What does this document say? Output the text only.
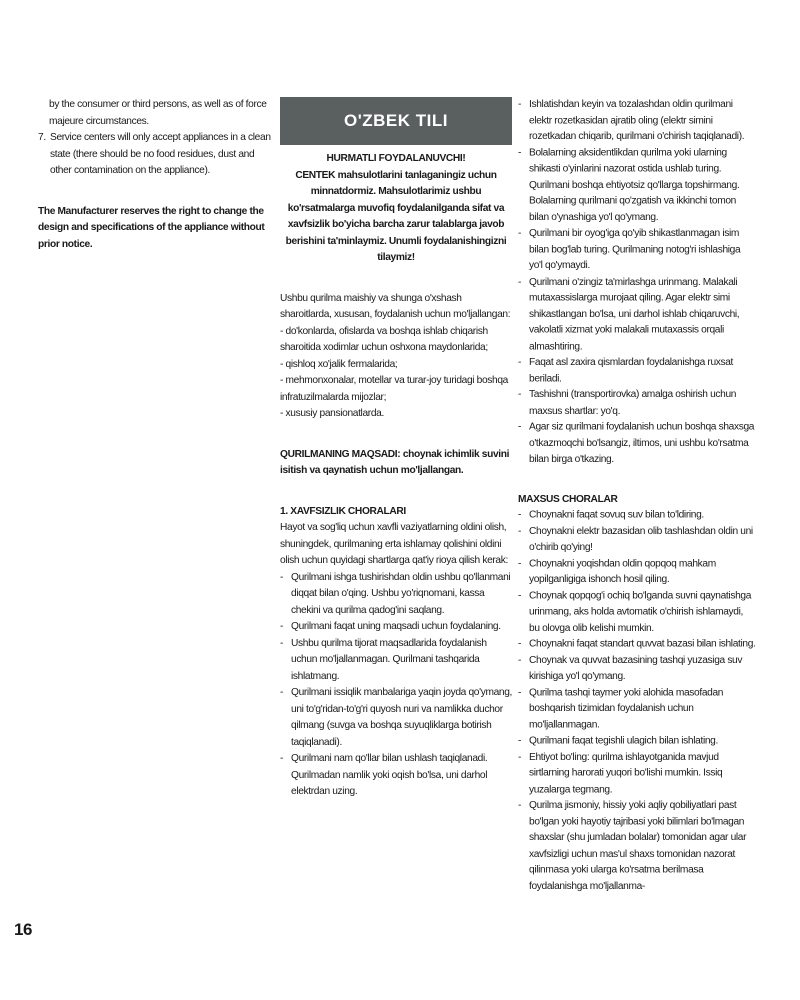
by the consumer or third persons, as well as of force majeure circumstances.

7. Service centers will only accept appliances in a clean state (there should be no food residues, dust and other contamination on the appliance).

The Manufacturer reserves the right to change the design and specifications of the appliance without prior notice.

O'ZBEK TILI

HURMATLI FOYDALANUVCHI!

CENTEK mahsulotlarini tanlaganingiz uchun minnatdormiz. Mahsulotlarimiz ushbu ko'rsatmalarga muvofiq foydalanilganda sifat va xavfsizlik bo'yicha barcha zarur talablarga javob berishini ta'minlaymiz. Unumli foydalanishingizni tilaymiz!

Ushbu qurilma maishiy va shunga o'xshash sharoitlarda, xususan, foydalanish uchun mo'ljallangan:

- do'konlarda, ofislarda va boshqa ishlab chiqarish sharoitida xodimlar uchun oshxona maydonlarida;

- qishloq xo'jalik fermalarida;

- mehmonxonalar, motellar va turar-joy turidagi boshqa infratuzilmalarda mijozlar;

- xususiy pansionatlarda.

QURILMANING MAQSADI: choynak ichimlik suvini isitish va qaynatish uchun mo'ljallangan.

1. XAVFSIZLIK CHORALARI

Hayot va sog'liq uchun xavfli vaziyatlarning oldini olish, shuningdek, qurilmaning erta ishlamay qolishini oldini olish uchun quyidagi shartlarga qat'iy rioya qilish kerak:

- Qurilmani ishga tushirishdan oldin ushbu qo'llanmani diqqat bilan o'qing. Ushbu yo'riqnomani, kassa chekini va qurilma qadog'ini saqlang.

- Qurilmani faqat uning maqsadi uchun foydalaning.

- Ushbu qurilma tijorat maqsadlarida foydalanish uchun mo'ljallanmagan. Qurilmani tashqarida ishlatmang.

- Qurilmani issiqlik manbalariga yaqin joyda qo'ymang, uni to'g'ridan-to'g'ri quyosh nuri va namlikka duchor qilmang (suvga va boshqa suyuqliklarga botirish taqiqlanadi).

- Qurilmani nam qo'llar bilan ushlash taqiqlanadi. Qurilmadan namlik yoki oqish bo'lsa, uni darhol elektrdan uzing.

- Ishlatishdan keyin va tozalashdan oldin qurilmani elektr rozetkasidan ajratib oling (elektr simini rozetkadan chiqarib, qurilmani o'chirish taqiqlanadi).

- Bolalarning aksidentlikdan qurilma yoki ularning shikasti o'yinlarini nazorat ostida ushlab turing. Qurilmani boshqa ehtiyotsiz qo'llarga topshirmang. Bolalarning qurilmani qo'zgatish va ikkinchi tomon bilan o'ynashiga yo'l qo'ymang.

- Qurilmani bir oyog'iga qo'yib shikastlanmagan isim bilan bog'lab turing. Qurilmaning notog'ri ishlashiga yo'l qo'ymaydi.

- Qurilmani o'zingiz ta'mirlashga urinmang. Malakali mutaxassislarga murojaat qiling. Agar elektr simi shikastlangan bo'lsa, uni darhol ishlab chiqaruvchi, vakolatli xizmat yoki malakali mutaxassis orqali almashtiring.

- Faqat asl zaxira qismlardan foydalanishga ruxsat beriladi.

- Tashishni (transportirovka) amalga oshirish uchun maxsus shartlar: yo'q.

- Agar siz qurilmani foydalanish uchun boshqa shaxsga o'tkazmoqchi bo'lsangiz, iltimos, uni ushbu ko'rsatma bilan birga o'tkazing.

MAXSUS CHORALAR

- Choynakni faqat sovuq suv bilan to'ldiring.

- Choynakni elektr bazasidan olib tashlashdan oldin uni o'chirib qo'ying!

- Choynakni yoqishdan oldin qopqoq mahkam yopilganligiga ishonch hosil qiling.

- Choynak qopqog'i ochiq bo'lganda suvni qaynatishga urinmang, aks holda avtomatik o'chirish ishlamaydi, bu olovga olib kelishi mumkin.

- Choynakni faqat standart quvvat bazasi bilan ishlating.

- Choynak va quvvat bazasining tashqi yuzasiga suv kirishiga yo'l qo'ymang.

- Qurilma tashqi taymer yoki alohida masofadan boshqarish tizimidan foydalanish uchun mo'ljallanmagan.

- Qurilmani faqat tegishli ulagich bilan ishlating.

- Ehtiyot bo'ling: qurilma ishlayotganida mavjud sirtlarning harorati yuqori bo'lishi mumkin. Issiq yuzalarga tegmang.

- Qurilma jismoniy, hissiy yoki aqliy qobiliyatlari past bo'lgan yoki hayotiy tajribasi yoki bilimlari bo'lmagan shaxslar (shu jumladan bolalar) tomonidan agar ular xavfsizligi uchun mas'ul shaxs tomonidan nazorat qilinmasa yoki ularga ko'rsatma berilmasa foydalanishga mo'ljallanma-

16
